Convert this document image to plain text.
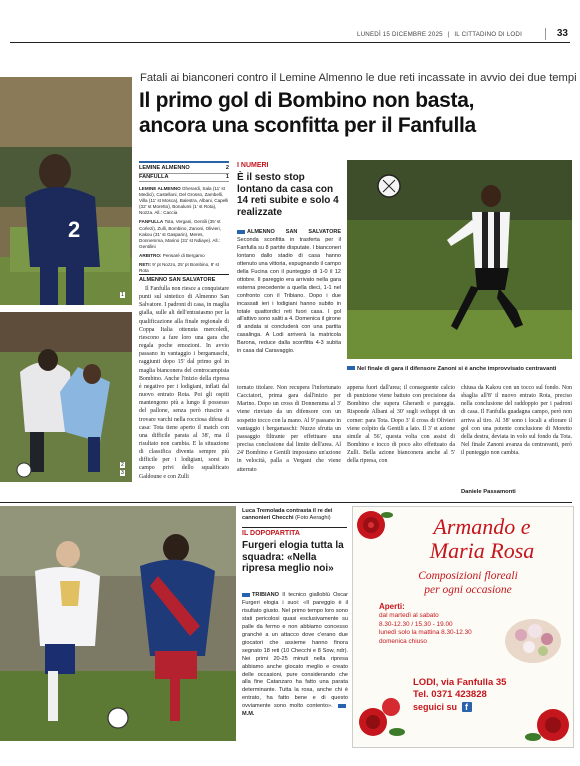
LUNEDÌ 15 DICEMBRE 2025 | IL CITTADINO DI LODI	33
Fatali ai bianconeri contro il Lemine Almenno le due reti incassate in avvio dei due tempi
Il primo gol di Bombino non basta,
ancora una sconfitta per il Fanfulla
2
1
2
3
LEMINE ALMENNO	2
FANFULLA	1
LEMINE ALMENNO Gherardi, Sala (11' st Medici), Castellani, Del Grosso, Zambelli, Villa (11' st Mosca), Balestra, Albani, Capelli (32' st Moretto), Bonalumi (1' st Rota), Nozza. All.: Caccia
FANFULLA Tota, Vergani, Gentili (35' st Corlezi), Zulli, Bombino, Zanoni, Olivieri, Kakou (31' st Gasparin), Meres, Donnemma, Marino (31' st Ndiaye). All.: Gentilini
ARBITRO: Pensarè di Bergamo
RETI: 9' pt Nozzo, 25' pt Bombino, 8' st Rota
ALMENNO SAN SALVATORE
Il Fanfulla non riesce a conquistare punti sul sintetico di Almenno San Salvatore. I padroni di casa, in maglia gialla, sulle ali dell'entusiasmo per la qualificazione alla finale regionale di Coppa Italia ottenuta mercoledì, riescono a fare loro una gara che regala poche emozioni. In avvio passano in vantaggio i bergamaschi, raggiunti dopo 15' dal primo gol in maglia bianconera del centrocampista Bombino. Anche l'inizio della ripresa è negativo per i lodigiani, inflati dal nuovo entrato Rota. Poi gli ospiti mantengono più a lungo il possesso del pallone, senza però riuscire a trovare varchi nella rocciosa difesa di casa: Tota tiene aperto il match con una difficile parata al 38', ma il risultato non cambia. E la situazione di classifica diventa sempre più difficile per i lodigiani, sorsi in campo privi dello squalificato Galdoune e con Zulli
I NUMERI
È il sesto stop lontano da casa con 14 reti subite e solo 4 realizzate
ALMENNO SAN SALVATORE Seconda sconfitta in trasferta per il Fanfulla su 8 partite disputate. I bianconeri lontano dallo stadio di casa hanno ottenuto una vittoria, espugnando il campo della Fucina con il punteggio di 1-0 il 12 ottobre. Il pareggio era arrivato nella gara esterna precedente a quella dieci, 1-1 nel confronto con il Tribiano. Dopo i due incassati ieri i lodigiani hanno subito in totale quattordici reti fuori casa. I gol all'attivo sono saliti a 4. Domenica il girone di andata si concluderà con una partita casalinga. A Lodi arriverà la matricola Barona, reduce dalla sconfitta 4-3 subita in casa dal Caravaggio.
Nel finale di gara il difensore Zanoni si è anche improvvisato centravanti
tornato titolare. Non recupera l'infortunato Cacciatori, prima gara dall'inizio per Marino. Dopo un cross di Donnemma al 3' viene rinviato da un difensore con un sospetto tocco con la mano. Al 9' passano in vantaggio i bergamaschi: Nuzzo sfrutta un passaggio filtrante per effettuare una precisa conclusione dal limite dell'area. Al 24' Bombino e Gentili impostano un'azione in velocità, palla a Vergani che viene atterrato
appena fuori dall'area; il conseguente calcio di punizione viene battuto con precisione da Bombino che supera Gherardi e pareggia. Risponde Albani al 30' sugli sviluppi di un corner: para Tota. Dopo 3' il cross di Olivieri viene colpito da Gentili a lato. Il 3' st azione simile al 56', questa volta con assist di Bombino e tocco di poco alto effettuato da Zulli. Bella azione bianconera anche al 5' della ripresa, con
chiusa da Kakou con un tocco sul fondo. Non sbaglia all'8' il nuovo entrato Rota, preciso nella conclusione del raddoppio per i padroni di casa. Il Fanfulla guadagna campo, però non arriva al tiro. Al 38' sono i locali a sfiorare il gol con una potente conclusione di Moretto della destra, deviata in volo sul fondo da Tota. Nel finale Zanoni avanza da centravanti, però il punteggio non cambia.
Daniele Passamonti
Luca Tremolada contrasta il re dei cannonieri Checchi (Foto Aeraghi)
IL DOPOPARTITA
Furgeri elogia tutta la squadra: «Nella ripresa meglio noi»
TRIBIANO Il tecnico gialloblù Oscar Furgeri elogia i suoi: «Il pareggio è il risultato giusto. Nel primo tempo loro sono stati pericolosi quasi esclusivamente su palle da fermo e non abbiamo concesso granché a un attacco dove c'erano due giocatori che assieme hanno finora segnato 18 reti (10 Checchi e 8 Sow, ndr). Nei primi 20-25 minuti nella ripresa abbiamo anche giocato meglio e creato delle occasioni, pure considerando che alla fine Catanzaro ha fatto una parata determinante. Tutta la rosa, anche chi è entrato, ha fatto bene e di questo ovviamente sono molto contento». M.M.
Armando e
Maria Rosa
Composizioni floreali
per ogni occasione
Aperti:
dal martedì al sabato
8.30-12.30 / 15.30 - 19.00
lunedì solo la mattina 8.30-12.30
domenica chiuso
LODI, via Fanfulla 35
Tel. 0371 423828
seguici su f
